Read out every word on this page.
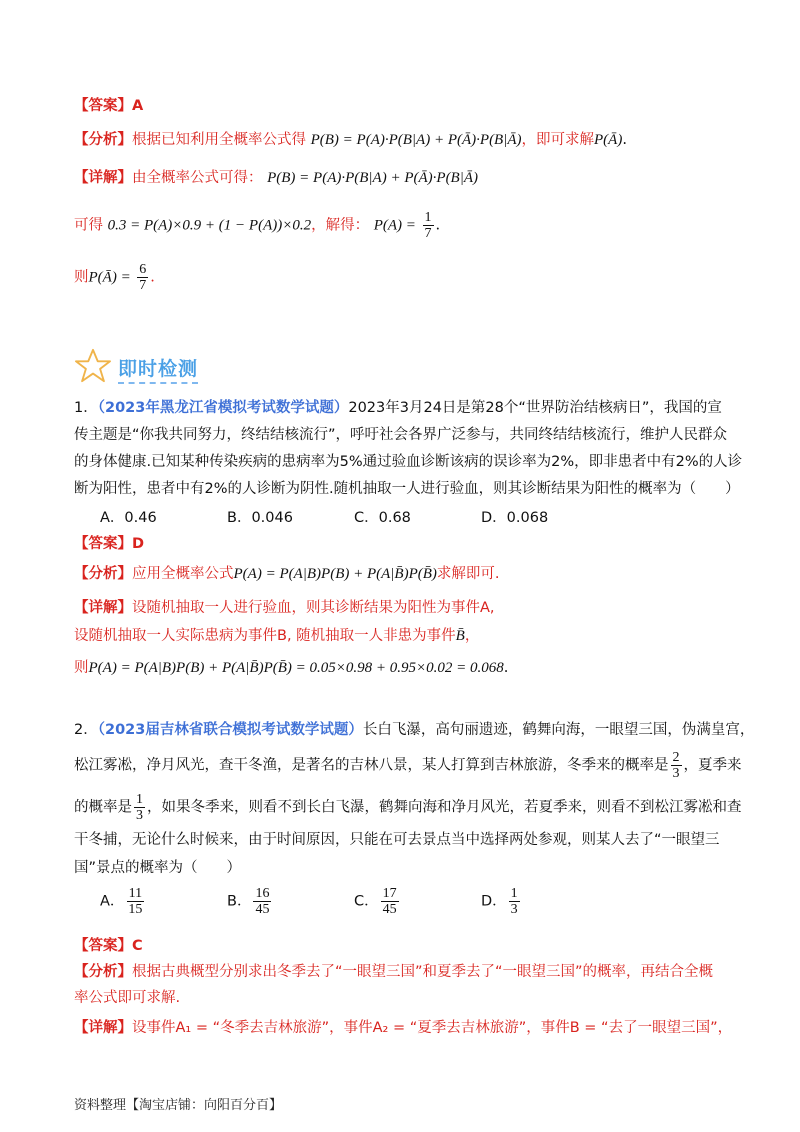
【答案】A
【分析】根据已知利用全概率公式得 P(B) = P(A)·P(B|A) + P(Ā)·P(B|Ā)，即可求解P(Ā).
【详解】由全概率公式可得： P(B) = P(A)·P(B|A) + P(Ā)·P(B|Ā)
可得 0.3 = P(A)×0.9 + (1 − P(A))×0.2，解得： $P(A) = \frac{1}{7}$ .
则P(Ā) = $\frac{6}{7}$ .
即时检测
1．（2023年黑龙江省模拟考试数学试题）2023年3月24日是第28个“世界防治结核病日”，我国的宣
传主题是“你我共同努力，终结结核流行”，呼吁社会各界广泛参与，共同终结结核流行，维护人民群众
的身体健康.已知某种传染疾病的患病率为5%通过验血诊断该病的误诊率为2%，即非患者中有2%的人诊
断为阳性，患者中有2%的人诊断为阴性.随机抽取一人进行验血，则其诊断结果为阳性的概率为（　　）
A．0.46	B．0.046	C．0.68	D．0.068
【答案】D
【分析】应用全概率公式P(A) = P(A|B)P(B) + P(A|B̄)P(B̄)求解即可.
【详解】设随机抽取一人进行验血，则其诊断结果为阳性为事件A,
设随机抽取一人实际患病为事件B, 随机抽取一人非患为事件B̄，
则P(A) = P(A|B)P(B) + P(A|B̄)P(B̄) = 0.05×0.98 + 0.95×0.02 = 0.068.
2．（2023届吉林省联合模拟考试数学试题）长白飞瀑，高句丽遗迹，鹤舞向海，一眼望三国，伪满皇宫，
松江雾凇，净月风光，查干冬渔，是著名的吉林八景，某人打算到吉林旅游，冬季来的概率是 $\frac{2}{3}$ ，夏季来
的概率是 $\frac{1}{3}$ ，如果冬季来，则看不到长白飞瀑，鹤舞向海和净月风光，若夏季来，则看不到松江雾凇和查
干冬捕，无论什么时候来，由于时间原因，只能在可去景点当中选择两处参观，则某人去了“一眼望三
国”景点的概率为（　　）
A． $\frac{11}{15}$	B． $\frac{16}{45}$	C． $\frac{17}{45}$	D． $\frac{1}{3}$
【答案】C
【分析】根据古典概型分别求出冬季去了“一眼望三国”和夏季去了“一眼望三国”的概率，再结合全概
率公式即可求解.
【详解】设事件A₁ = “冬季去吉林旅游”，事件A₂ = “夏季去吉林旅游”，事件B = “去了一眼望三国”，
资料整理【淘宝店铺：向阳百分百】
